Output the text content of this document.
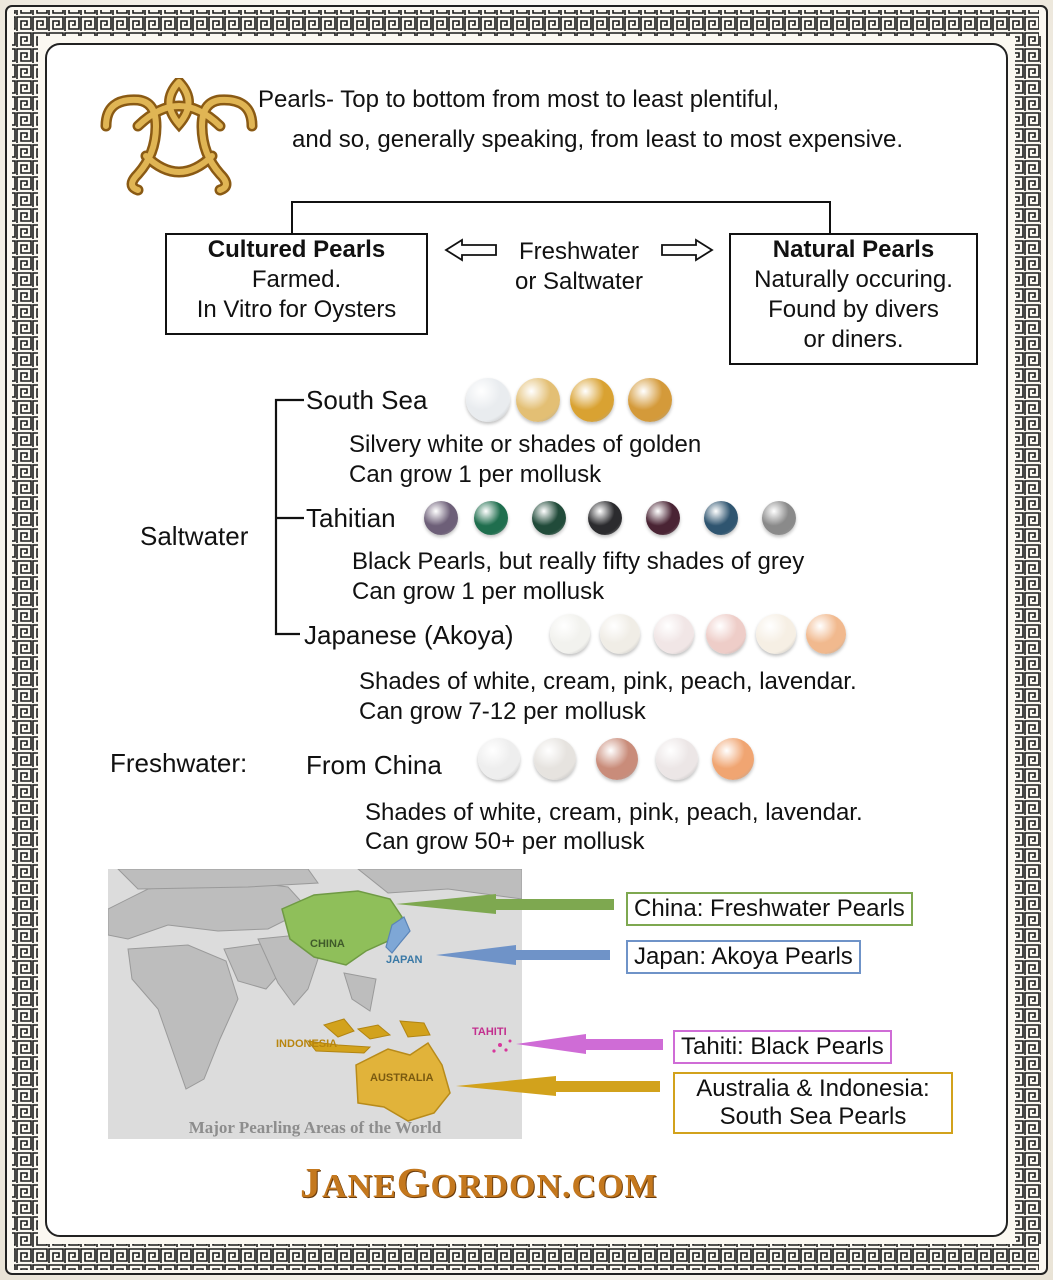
Pearls- Top to bottom from most to least plentiful,
and so, generally speaking, from least to most expensive.
Cultured Pearls
Farmed.
In Vitro for Oysters
Freshwater
or Saltwater
Natural Pearls
Naturally occuring.
Found by divers
or diners.
Saltwater
Freshwater:
South Sea
Silvery white or shades of golden
Can grow 1 per mollusk
Tahitian
Black Pearls, but really fifty shades of grey
Can grow 1 per mollusk
Japanese (Akoya)
Shades of white, cream, pink, peach, lavendar.
Can grow 7-12 per mollusk
From China
Shades of white, cream, pink, peach, lavendar.
Can grow 50+ per mollusk
CHINA
JAPAN
INDONESIA
TAHITI
AUSTRALIA
Major Pearling Areas of the World
China: Freshwater Pearls
Japan: Akoya Pearls
Tahiti: Black Pearls
Australia & Indonesia:
South Sea Pearls
JANEGORDON.COM
